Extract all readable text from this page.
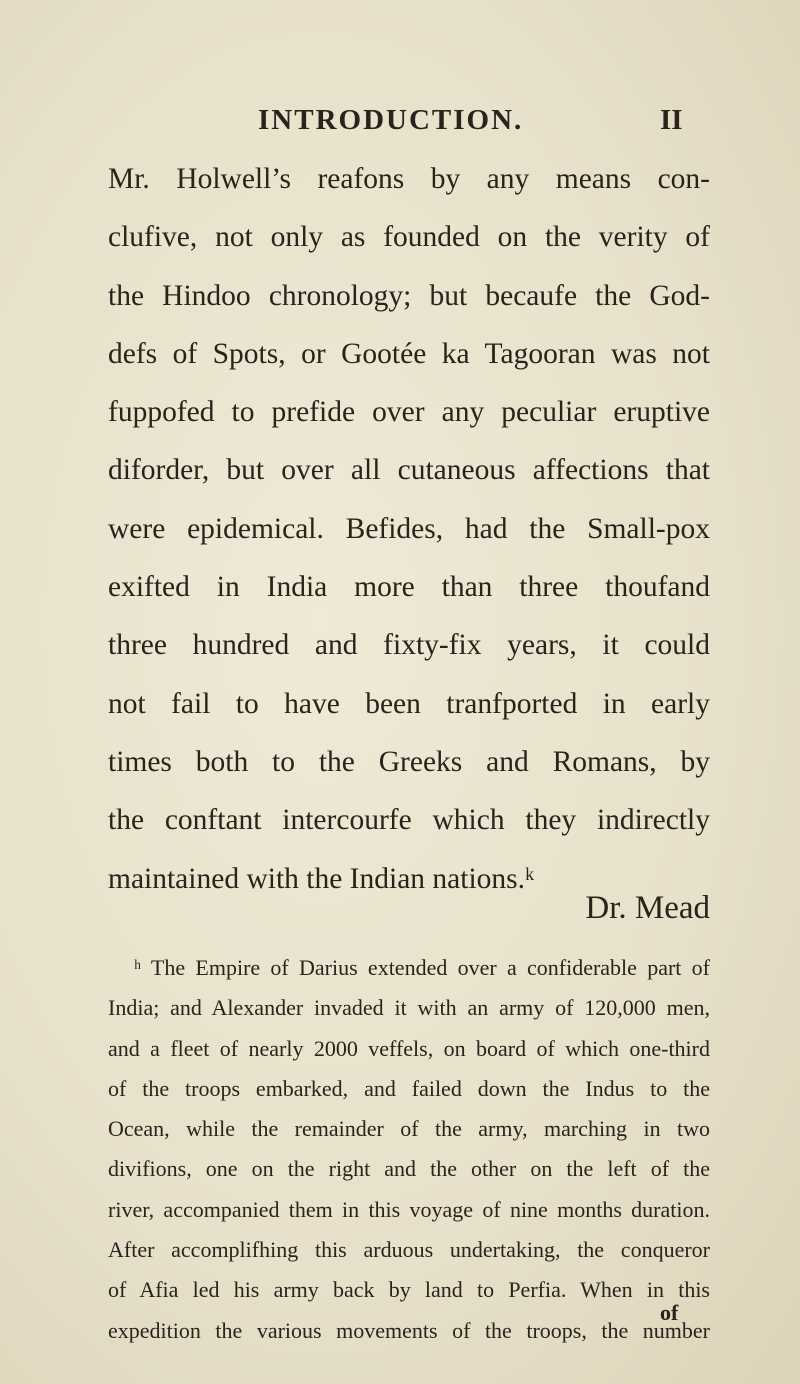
INTRODUCTION.	II
Mr. Holwell’s reafons by any means con-
clufive, not only as founded on the verity of
the Hindoo chronology; but becaufe the God-
defs of Spots, or Gootée ka Tagooran was not
fuppofed to prefide over any peculiar eruptive
diforder, but over all cutaneous affections that
were epidemical. Befides, had the Small-pox
exifted in India more than three thoufand
three hundred and fixty-fix years, it could
not fail to have been tranfported in early
times both to the Greeks and Romans, by
the conftant intercourfe which they indirectly
maintained with the Indian nations.ᵏ
Dr. Mead
ʰ The Empire of Darius extended over a confiderable part of
India; and Alexander invaded it with an army of 120,000 men,
and a fleet of nearly 2000 veffels, on board of which one-third
of the troops embarked, and failed down the Indus to the
Ocean, while the remainder of the army, marching in two
divifions, one on the right and the other on the left of the
river, accompanied them in this voyage of nine months duration.
After accomplifhing this arduous undertaking, the conqueror
of Afia led his army back by land to Perfia. When in this
expedition the various movements of the troops, the number
of
